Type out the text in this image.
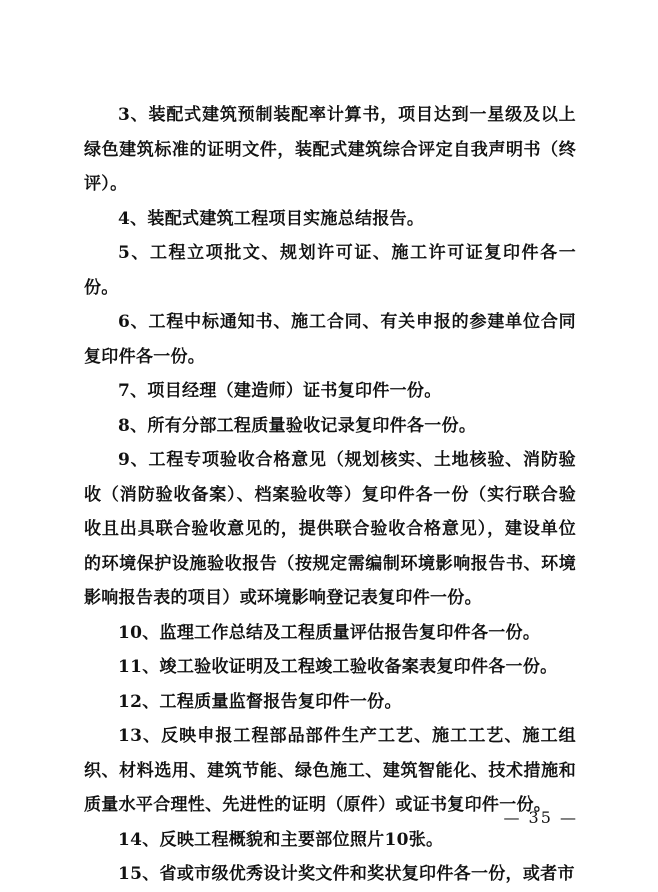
3、装配式建筑预制装配率计算书，项目达到一星级及以上绿色建筑标准的证明文件，装配式建筑综合评定自我声明书（终评）。

4、装配式建筑工程项目实施总结报告。

5、工程立项批文、规划许可证、施工许可证复印件各一份。

6、工程中标通知书、施工合同、有关申报的参建单位合同复印件各一份。

7、项目经理（建造师）证书复印件一份。

8、所有分部工程质量验收记录复印件各一份。

9、工程专项验收合格意见（规划核实、土地核验、消防验收（消防验收备案）、档案验收等）复印件各一份（实行联合验收且出具联合验收意见的，提供联合验收合格意见），建设单位的环境保护设施验收报告（按规定需编制环境影响报告书、环境影响报告表的项目）或环境影响登记表复印件一份。

10、监理工作总结及工程质量评估报告复印件各一份。

11、竣工验收证明及工程竣工验收备案表复印件各一份。

12、工程质量监督报告复印件一份。

13、反映申报工程部品部件生产工艺、施工工艺、施工组织、材料选用、建筑节能、绿色施工、建筑智能化、技术措施和质量水平合理性、先进性的证明（原件）或证书复印件一份。

14、反映工程概貌和主要部位照片10张。

15、省或市级优秀设计奖文件和奖状复印件各一份，或者市

— 35 —
